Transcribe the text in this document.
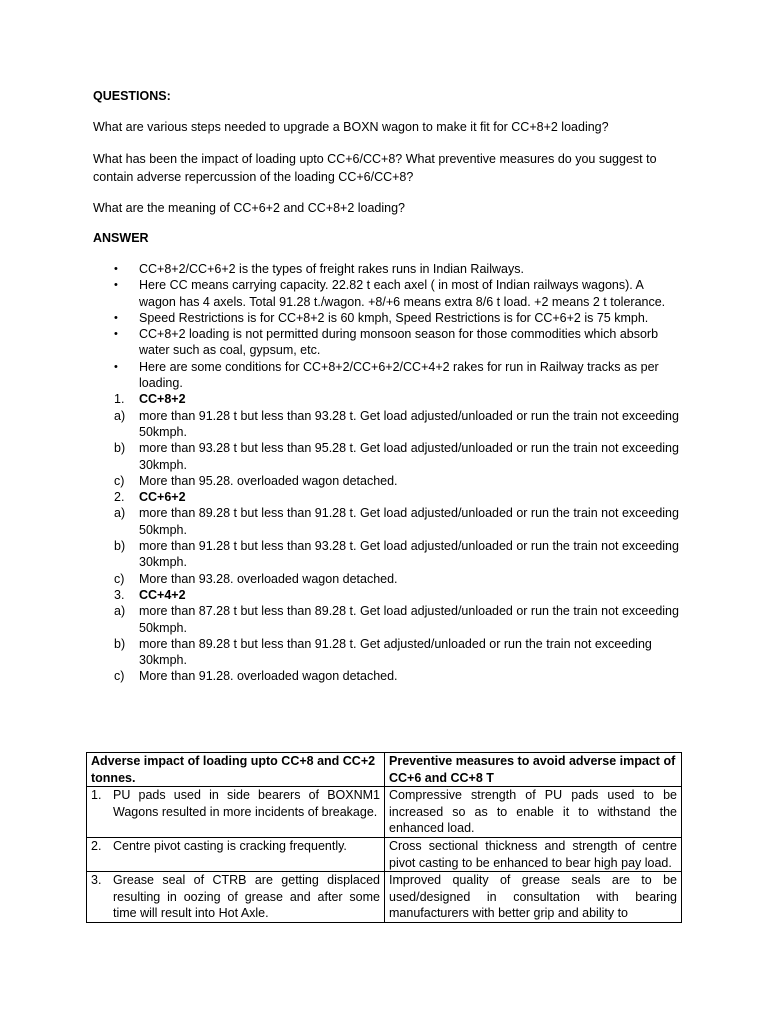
QUESTIONS:
What are various steps needed to upgrade a BOXN wagon to make it fit for CC+8+2 loading?
What has been the impact of loading upto CC+6/CC+8? What preventive measures do you suggest to contain adverse repercussion of the loading CC+6/CC+8?
What are the meaning of CC+6+2 and CC+8+2 loading?
ANSWER
• CC+8+2/CC+6+2 is the types of freight rakes runs in Indian Railways.
• Here CC means carrying capacity. 22.82 t each axel ( in most of Indian railways wagons). A wagon has 4 axels. Total 91.28 t./wagon. +8/+6 means extra 8/6 t load. +2 means 2 t tolerance.
• Speed Restrictions is for CC+8+2 is 60 kmph, Speed Restrictions is for CC+6+2 is 75 kmph.
• CC+8+2 loading is not permitted during monsoon season for those commodities which absorb water such as coal, gypsum, etc.
• Here are some conditions for CC+8+2/CC+6+2/CC+4+2 rakes for run in Railway tracks as per loading.
1. CC+8+2
a) more than 91.28 t but less than 93.28 t. Get load adjusted/unloaded or run the train not exceeding 50kmph.
b) more than 93.28 t but less than 95.28 t. Get load adjusted/unloaded or run the train not exceeding 30kmph.
c) More than 95.28. overloaded wagon detached.
2. CC+6+2
a) more than 89.28 t but less than 91.28 t. Get load adjusted/unloaded or run the train not exceeding 50kmph.
b) more than 91.28 t but less than 93.28 t. Get load adjusted/unloaded or run the train not exceeding 30kmph.
c) More than 93.28. overloaded wagon detached.
3. CC+4+2
a) more than 87.28 t but less than 89.28 t. Get load adjusted/unloaded or run the train not exceeding 50kmph.
b) more than 89.28 t but less than 91.28 t. Get adjusted/unloaded or run the train not exceeding 30kmph.
c) More than 91.28. overloaded wagon detached.
Adverse impact of loading upto CC+8 and CC+2 tonnes.	Preventive measures to avoid adverse impact of CC+6 and CC+8 T

1. PU pads used in side bearers of BOXNM1 Wagons resulted in more incidents of breakage.	Compressive strength of PU pads used to be increased so as to enable it to withstand the enhanced load.

2. Centre pivot casting is cracking frequently.	Cross sectional thickness and strength of centre pivot casting to be enhanced to bear high pay load.

3. Grease seal of CTRB are getting displaced resulting in oozing of grease and after some time will result into Hot Axle.	Improved quality of grease seals are to be used/designed in consultation with bearing manufacturers with better grip and ability to
